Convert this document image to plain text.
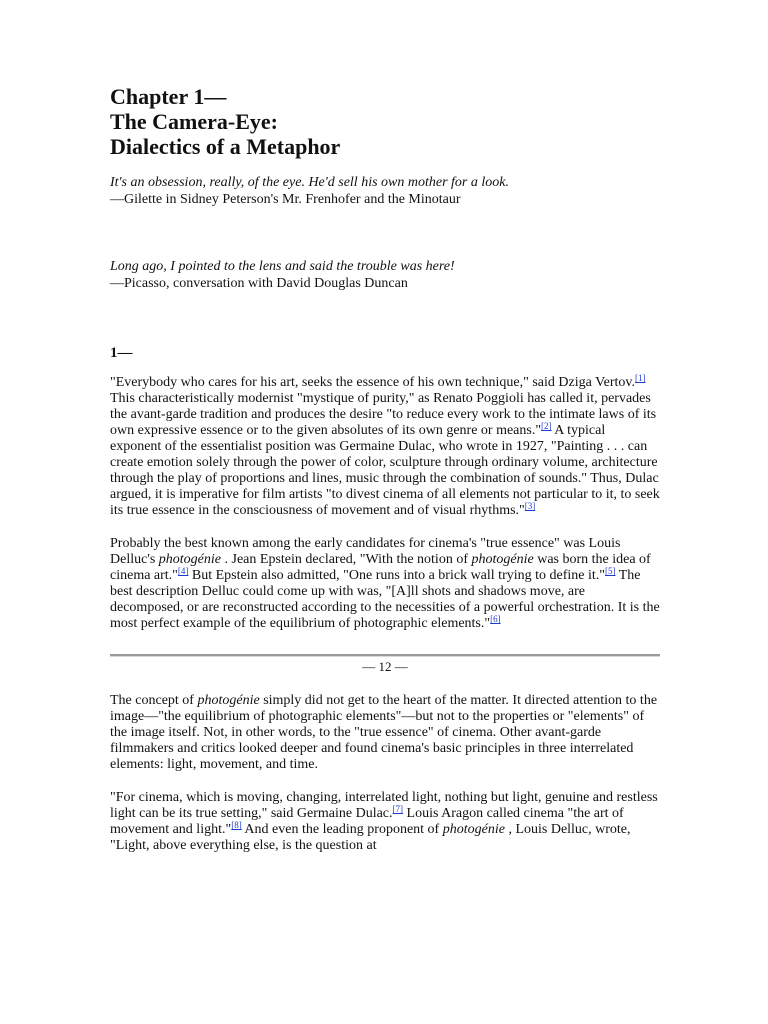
Chapter 1—
The Camera-Eye:
Dialectics of a Metaphor
It's an obsession, really, of the eye. He'd sell his own mother for a look.
—Gilette in Sidney Peterson's Mr. Frenhofer and the Minotaur
Long ago, I pointed to the lens and said the trouble was here!
—Picasso, conversation with David Douglas Duncan
1—

"Everybody who cares for his art, seeks the essence of his own technique," said Dziga Vertov.[1] This characteristically modernist "mystique of purity," as Renato Poggioli has called it, pervades the avant-garde tradition and produces the desire "to reduce every work to the intimate laws of its own expressive essence or to the given absolutes of its own genre or means."[2] A typical exponent of the essentialist position was Germaine Dulac, who wrote in 1927, "Painting . . . can create emotion solely through the power of color, sculpture through ordinary volume, architecture through the play of proportions and lines, music through the combination of sounds." Thus, Dulac argued, it is imperative for film artists "to divest cinema of all elements not particular to it, to seek its true essence in the consciousness of movement and of visual rhythms."[3]

Probably the best known among the early candidates for cinema's "true essence" was Louis Delluc's photogénie . Jean Epstein declared, "With the notion of photogénie was born the idea of cinema art."[4] But Epstein also admitted, "One runs into a brick wall trying to define it."[5] The best description Delluc could come up with was, "[A]ll shots and shadows move, are decomposed, or are reconstructed according to the necessities of a powerful orchestration. It is the most perfect example of the equilibrium of photographic elements."[6]

— 12 —

The concept of photogénie simply did not get to the heart of the matter. It directed attention to the image—"the equilibrium of photographic elements"—but not to the properties or "elements" of the image itself. Not, in other words, to the "true essence" of cinema. Other avant-garde filmmakers and critics looked deeper and found cinema's basic principles in three interrelated elements: light, movement, and time.

"For cinema, which is moving, changing, interrelated light, nothing but light, genuine and restless light can be its true setting," said Germaine Dulac.[7] Louis Aragon called cinema "the art of movement and light."[8] And even the leading proponent of photogénie , Louis Delluc, wrote, "Light, above everything else, is the question at
